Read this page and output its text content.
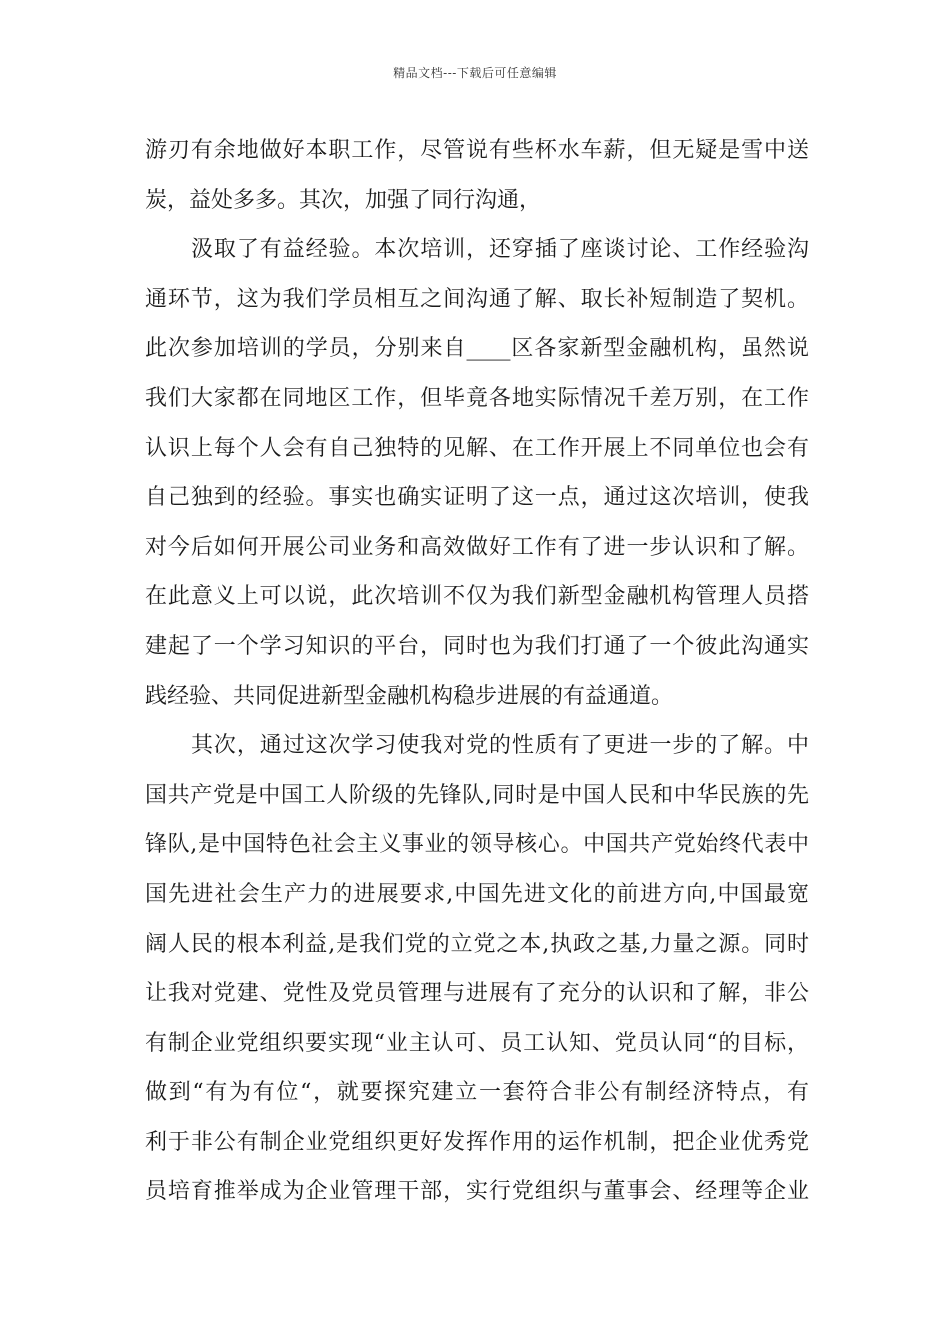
精品文档---下载后可任意编辑
游刃有余地做好本职工作，尽管说有些杯水车薪，但无疑是雪中送
炭，益处多多。其次，加强了同行沟通，
汲取了有益经验。本次培训，还穿插了座谈讨论、工作经验沟
通环节，这为我们学员相互之间沟通了解、取长补短制造了契机。
此次参加培训的学员，分别来自____区各家新型金融机构，虽然说
我们大家都在同地区工作，但毕竟各地实际情况千差万别，在工作
认识上每个人会有自己独特的见解、在工作开展上不同单位也会有
自己独到的经验。事实也确实证明了这一点，通过这次培训，使我
对今后如何开展公司业务和高效做好工作有了进一步认识和了解。
在此意义上可以说，此次培训不仅为我们新型金融机构管理人员搭
建起了一个学习知识的平台，同时也为我们打通了一个彼此沟通实
践经验、共同促进新型金融机构稳步进展的有益通道。
其次，通过这次学习使我对党的性质有了更进一步的了解。中
国共产党是中国工人阶级的先锋队,同时是中国人民和中华民族的先
锋队,是中国特色社会主义事业的领导核心。中国共产党始终代表中
国先进社会生产力的进展要求,中国先进文化的前进方向,中国最宽
阔人民的根本利益,是我们党的立党之本,执政之基,力量之源。同时
让我对党建、党性及党员管理与进展有了充分的认识和了解，非公
有制企业党组织要实现“业主认可、员工认知、党员认同“的目标，
做到“有为有位“，就要探究建立一套符合非公有制经济特点，有
利于非公有制企业党组织更好发挥作用的运作机制，把企业优秀党
员培育推举成为企业管理干部，实行党组织与董事会、经理等企业
